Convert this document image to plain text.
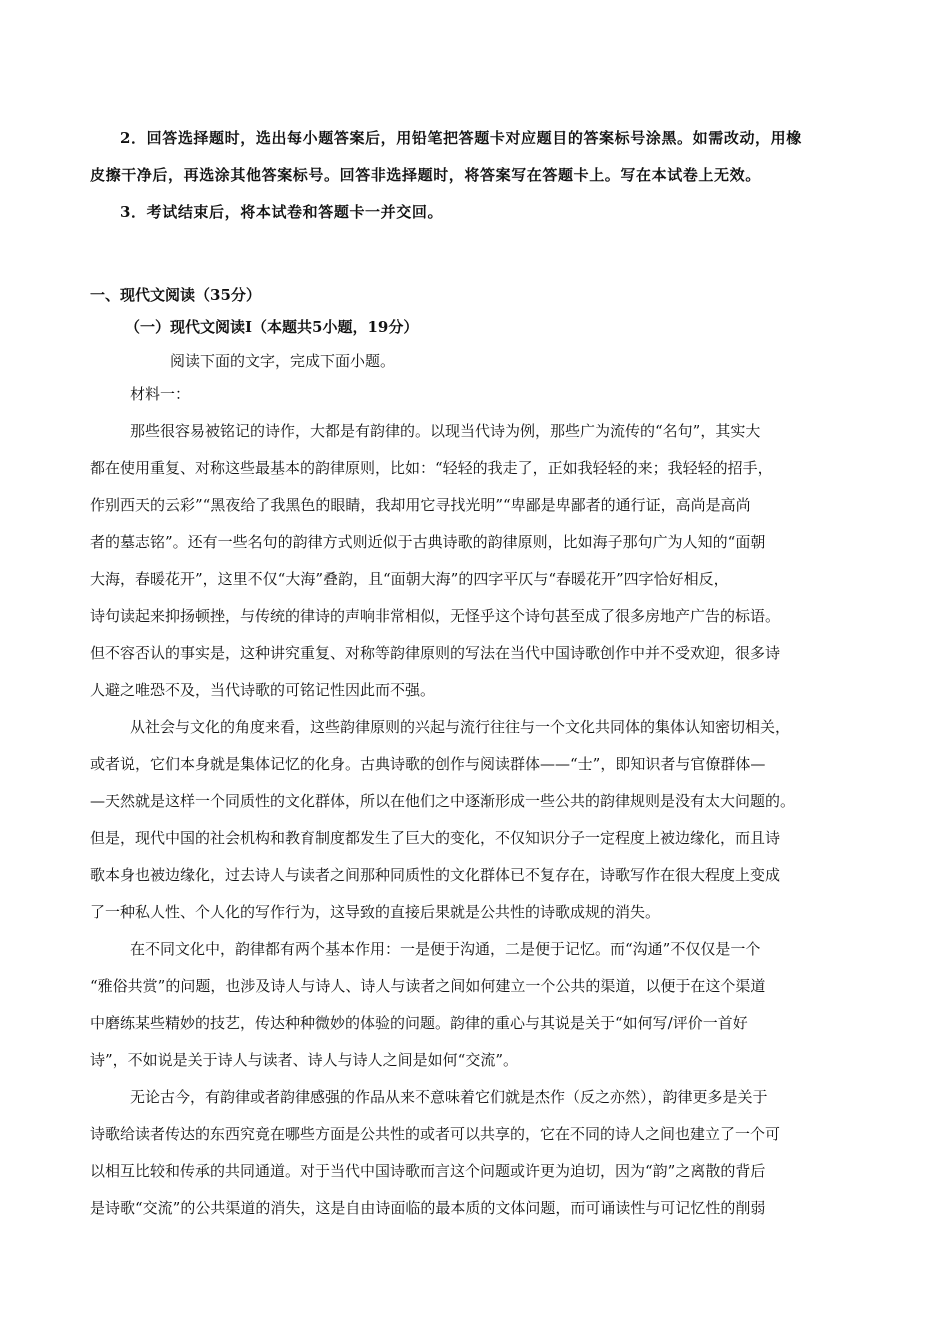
2．回答选择题时，选出每小题答案后，用铅笔把答题卡对应题目的答案标号涂黑。如需改动，用橡
皮擦干净后，再选涂其他答案标号。回答非选择题时，将答案写在答题卡上。写在本试卷上无效。
3．考试结束后，将本试卷和答题卡一并交回。
一、现代文阅读（35分）
（一）现代文阅读Ⅰ（本题共5小题，19分）
阅读下面的文字，完成下面小题。
材料一：
那些很容易被铭记的诗作，大都是有韵律的。以现当代诗为例，那些广为流传的“名句”，其实大
都在使用重复、对称这些最基本的韵律原则，比如：“轻轻的我走了，正如我轻轻的来；我轻轻的招手，
作别西天的云彩”“黑夜给了我黑色的眼睛，我却用它寻找光明”“卑鄙是卑鄙者的通行证，高尚是高尚
者的墓志铭”。还有一些名句的韵律方式则近似于古典诗歌的韵律原则，比如海子那句广为人知的“面朝
大海，春暖花开”，这里不仅“大海”叠韵，且“面朝大海”的四字平仄与“春暖花开”四字恰好相反，
诗句读起来抑扬顿挫，与传统的律诗的声响非常相似，无怪乎这个诗句甚至成了很多房地产广告的标语。
但不容否认的事实是，这种讲究重复、对称等韵律原则的写法在当代中国诗歌创作中并不受欢迎，很多诗
人避之唯恐不及，当代诗歌的可铭记性因此而不强。
从社会与文化的角度来看，这些韵律原则的兴起与流行往往与一个文化共同体的集体认知密切相关，
或者说，它们本身就是集体记忆的化身。古典诗歌的创作与阅读群体——“士”，即知识者与官僚群体—
—天然就是这样一个同质性的文化群体，所以在他们之中逐渐形成一些公共的韵律规则是没有太大问题的。
但是，现代中国的社会机构和教育制度都发生了巨大的变化，不仅知识分子一定程度上被边缘化，而且诗
歌本身也被边缘化，过去诗人与读者之间那种同质性的文化群体已不复存在，诗歌写作在很大程度上变成
了一种私人性、个人化的写作行为，这导致的直接后果就是公共性的诗歌成规的消失。
在不同文化中，韵律都有两个基本作用：一是便于沟通，二是便于记忆。而“沟通”不仅仅是一个
“雅俗共赏”的问题，也涉及诗人与诗人、诗人与读者之间如何建立一个公共的渠道，以便于在这个渠道
中磨练某些精妙的技艺，传达种种微妙的体验的问题。韵律的重心与其说是关于“如何写/评价一首好
诗”，不如说是关于诗人与读者、诗人与诗人之间是如何“交流”。
无论古今，有韵律或者韵律感强的作品从来不意味着它们就是杰作（反之亦然），韵律更多是关于
诗歌给读者传达的东西究竟在哪些方面是公共性的或者可以共享的，它在不同的诗人之间也建立了一个可
以相互比较和传承的共同通道。对于当代中国诗歌而言这个问题或许更为迫切，因为“韵”之离散的背后
是诗歌“交流”的公共渠道的消失，这是自由诗面临的最本质的文体问题，而可诵读性与可记忆性的削弱
